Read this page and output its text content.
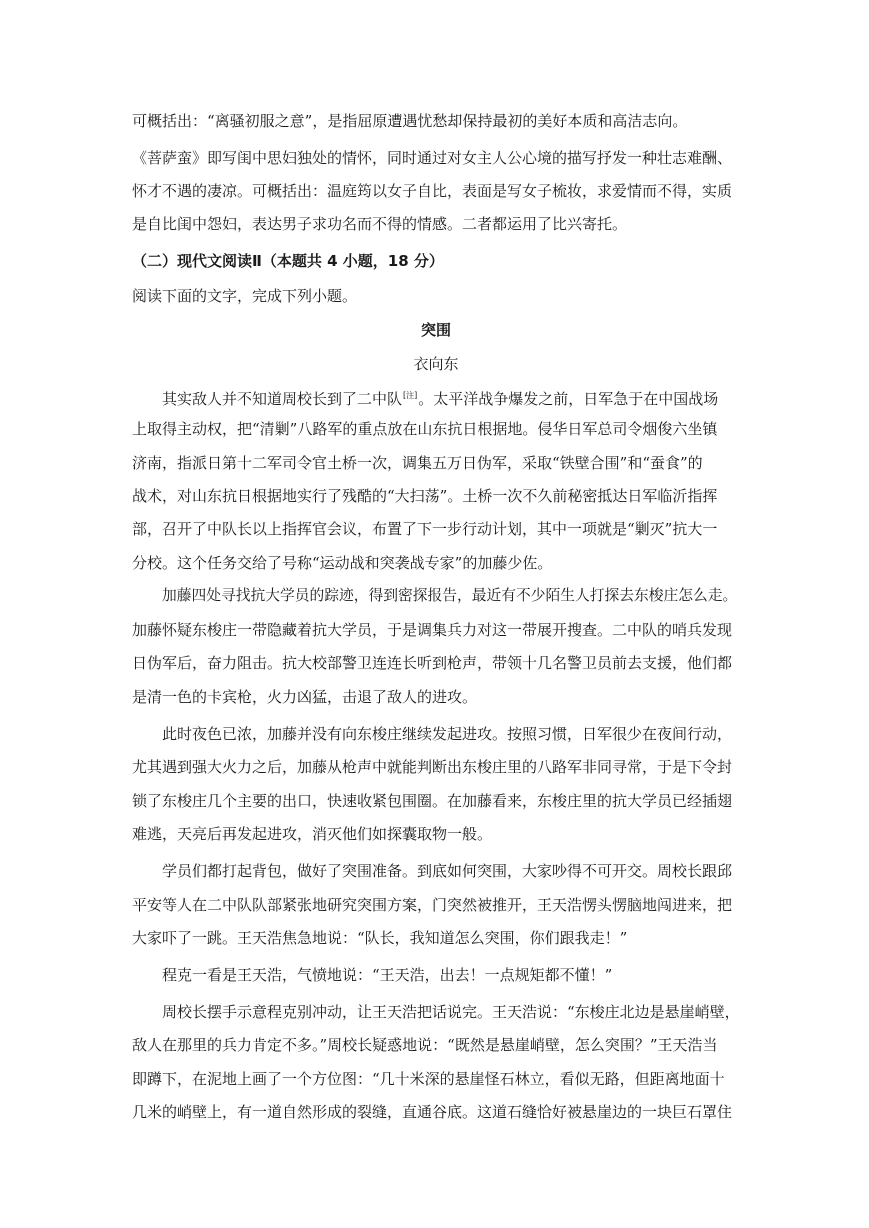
可概括出：“离骚初服之意”，是指屈原遭遇忧愁却保持最初的美好本质和高洁志向。
《菩萨蛮》即写闺中思妇独处的情怀，同时通过对女主人公心境的描写抒发一种壮志难酬、
怀才不遇的凄凉。可概括出：温庭筠以女子自比，表面是写女子梳妆，求爱情而不得，实质
是自比闺中怨妇，表达男子求功名而不得的情感。二者都运用了比兴寄托。
（二）现代文阅读Ⅱ（本题共 4 小题，18 分）
阅读下面的文字，完成下列小题。
突围
衣向东
其实敌人并不知道周校长到了二中队[注]。太平洋战争爆发之前，日军急于在中国战场
上取得主动权，把“清剿”八路军的重点放在山东抗日根据地。侵华日军总司令烟俊六坐镇
济南，指派日第十二军司令官土桥一次，调集五万日伪军，采取“铁壁合围”和“蚕食”的
战术，对山东抗日根据地实行了残酷的“大扫荡”。土桥一次不久前秘密抵达日军临沂指挥
部，召开了中队长以上指挥官会议，布置了下一步行动计划，其中一项就是“剿灭”抗大一
分校。这个任务交给了号称“运动战和突袭战专家”的加藤少佐。
加藤四处寻找抗大学员的踪迹，得到密探报告，最近有不少陌生人打探去东梭庄怎么走。
加藤怀疑东梭庄一带隐藏着抗大学员，于是调集兵力对这一带展开搜查。二中队的哨兵发现
日伪军后，奋力阻击。抗大校部警卫连连长听到枪声，带领十几名警卫员前去支援，他们都
是清一色的卡宾枪，火力凶猛，击退了敌人的进攻。
此时夜色已浓，加藤并没有向东梭庄继续发起进攻。按照习惯，日军很少在夜间行动，
尤其遇到强大火力之后，加藤从枪声中就能判断出东梭庄里的八路军非同寻常，于是下令封
锁了东梭庄几个主要的出口，快速收紧包围圈。在加藤看来，东梭庄里的抗大学员已经插翅
难逃，天亮后再发起进攻，消灭他们如探囊取物一般。
学员们都打起背包，做好了突围准备。到底如何突围，大家吵得不可开交。周校长跟邱
平安等人在二中队队部紧张地研究突围方案，门突然被推开，王天浩愣头愣脑地闯进来，把
大家吓了一跳。王天浩焦急地说：“队长，我知道怎么突围，你们跟我走！”
程克一看是王天浩，气愤地说：“王天浩，出去！一点规矩都不懂！”
周校长摆手示意程克别冲动，让王天浩把话说完。王天浩说：“东梭庄北边是悬崖峭壁，
敌人在那里的兵力肯定不多。”周校长疑惑地说：“既然是悬崖峭壁，怎么突围？”王天浩当
即蹲下，在泥地上画了一个方位图：“几十米深的悬崖怪石林立，看似无路，但距离地面十
几米的峭壁上，有一道自然形成的裂缝，直通谷底。这道石缝恰好被悬崖边的一块巨石罩住
